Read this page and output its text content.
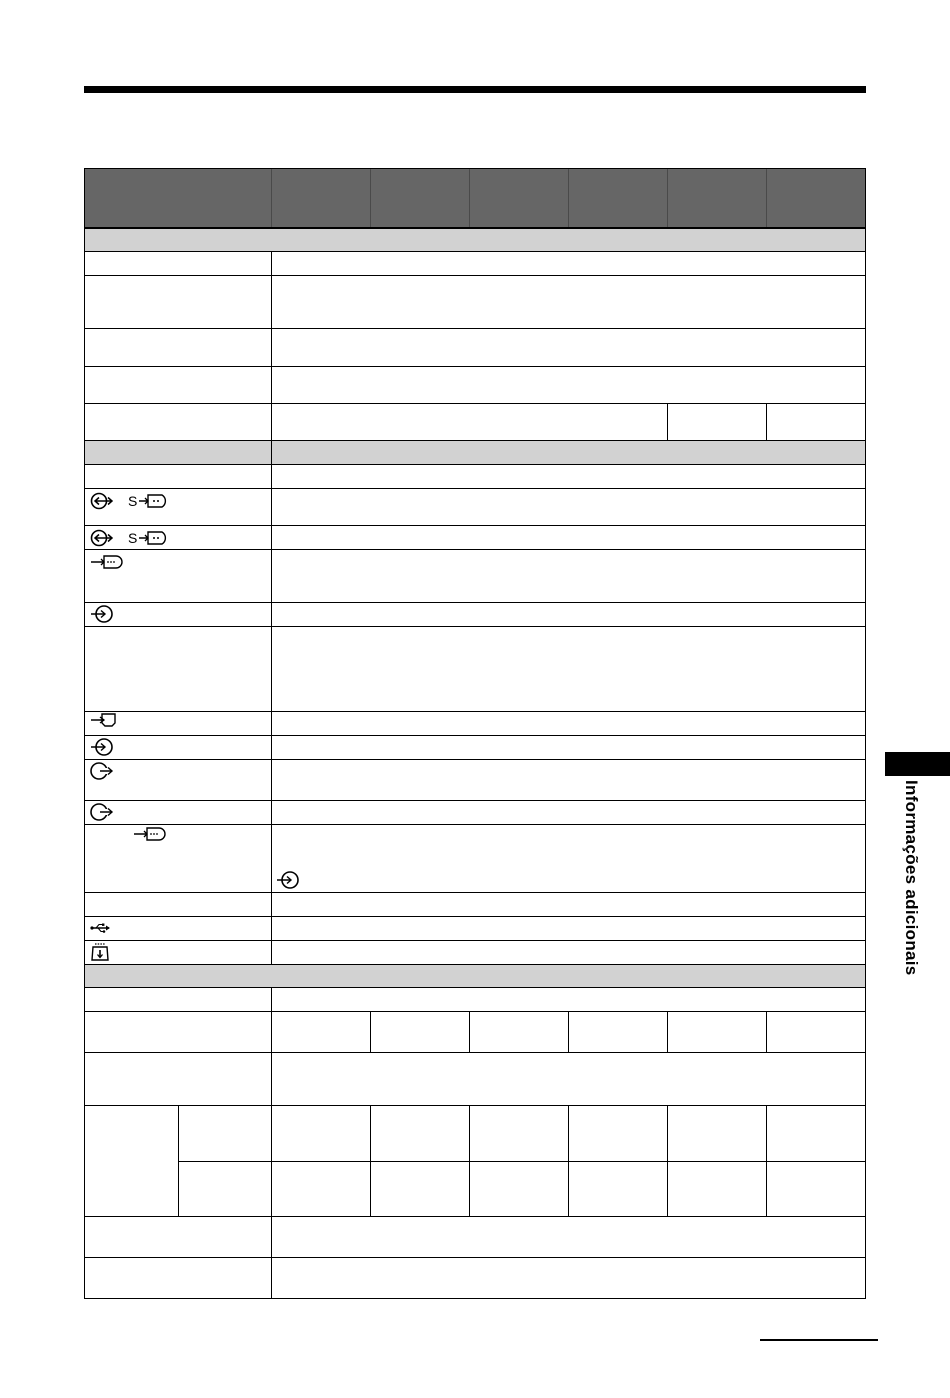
S
S
Informações adicionais
